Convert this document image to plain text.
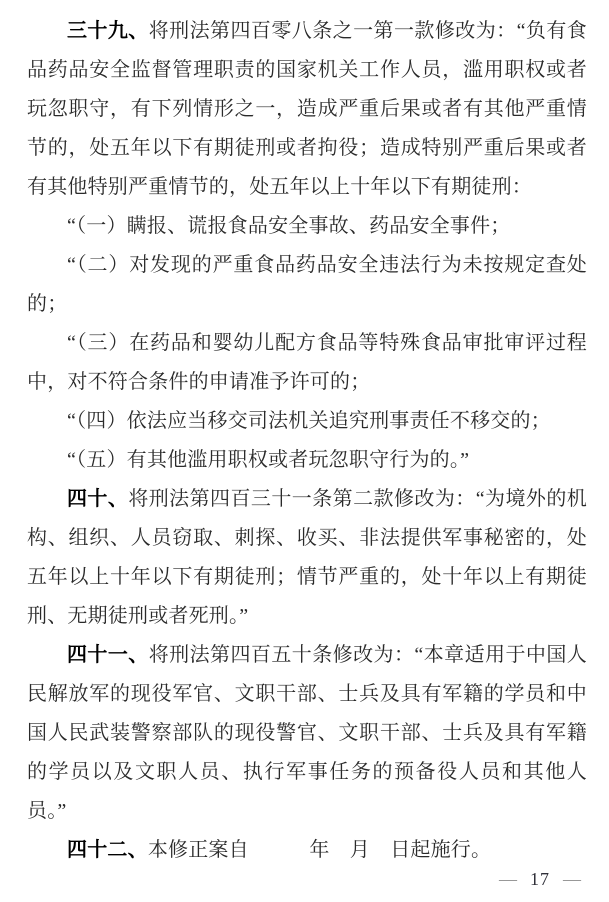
三十九、将刑法第四百零八条之一第一款修改为：“负有食品药品安全监督管理职责的国家机关工作人员，滥用职权或者玩忽职守，有下列情形之一，造成严重后果或者有其他严重情节的，处五年以下有期徒刑或者拘役；造成特别严重后果或者有其他特别严重情节的，处五年以上十年以下有期徒刑：

“（一）瞒报、谎报食品安全事故、药品安全事件；

“（二）对发现的严重食品药品安全违法行为未按规定查处的；

“（三）在药品和婴幼儿配方食品等特殊食品审批审评过程中，对不符合条件的申请准予许可的；

“（四）依法应当移交司法机关追究刑事责任不移交的；

“（五）有其他滥用职权或者玩忽职守行为的。”

四十、将刑法第四百三十一条第二款修改为：“为境外的机构、组织、人员窃取、刺探、收买、非法提供军事秘密的，处五年以上十年以下有期徒刑；情节严重的，处十年以上有期徒刑、无期徒刑或者死刑。”

四十一、将刑法第四百五十条修改为：“本章适用于中国人民解放军的现役军官、文职干部、士兵及具有军籍的学员和中国人民武装警察部队的现役警官、文职干部、士兵及具有军籍的学员以及文职人员、执行军事任务的预备役人员和其他人员。”

四十二、本修正案自　　　年　月　日起施行。

— 17 —
